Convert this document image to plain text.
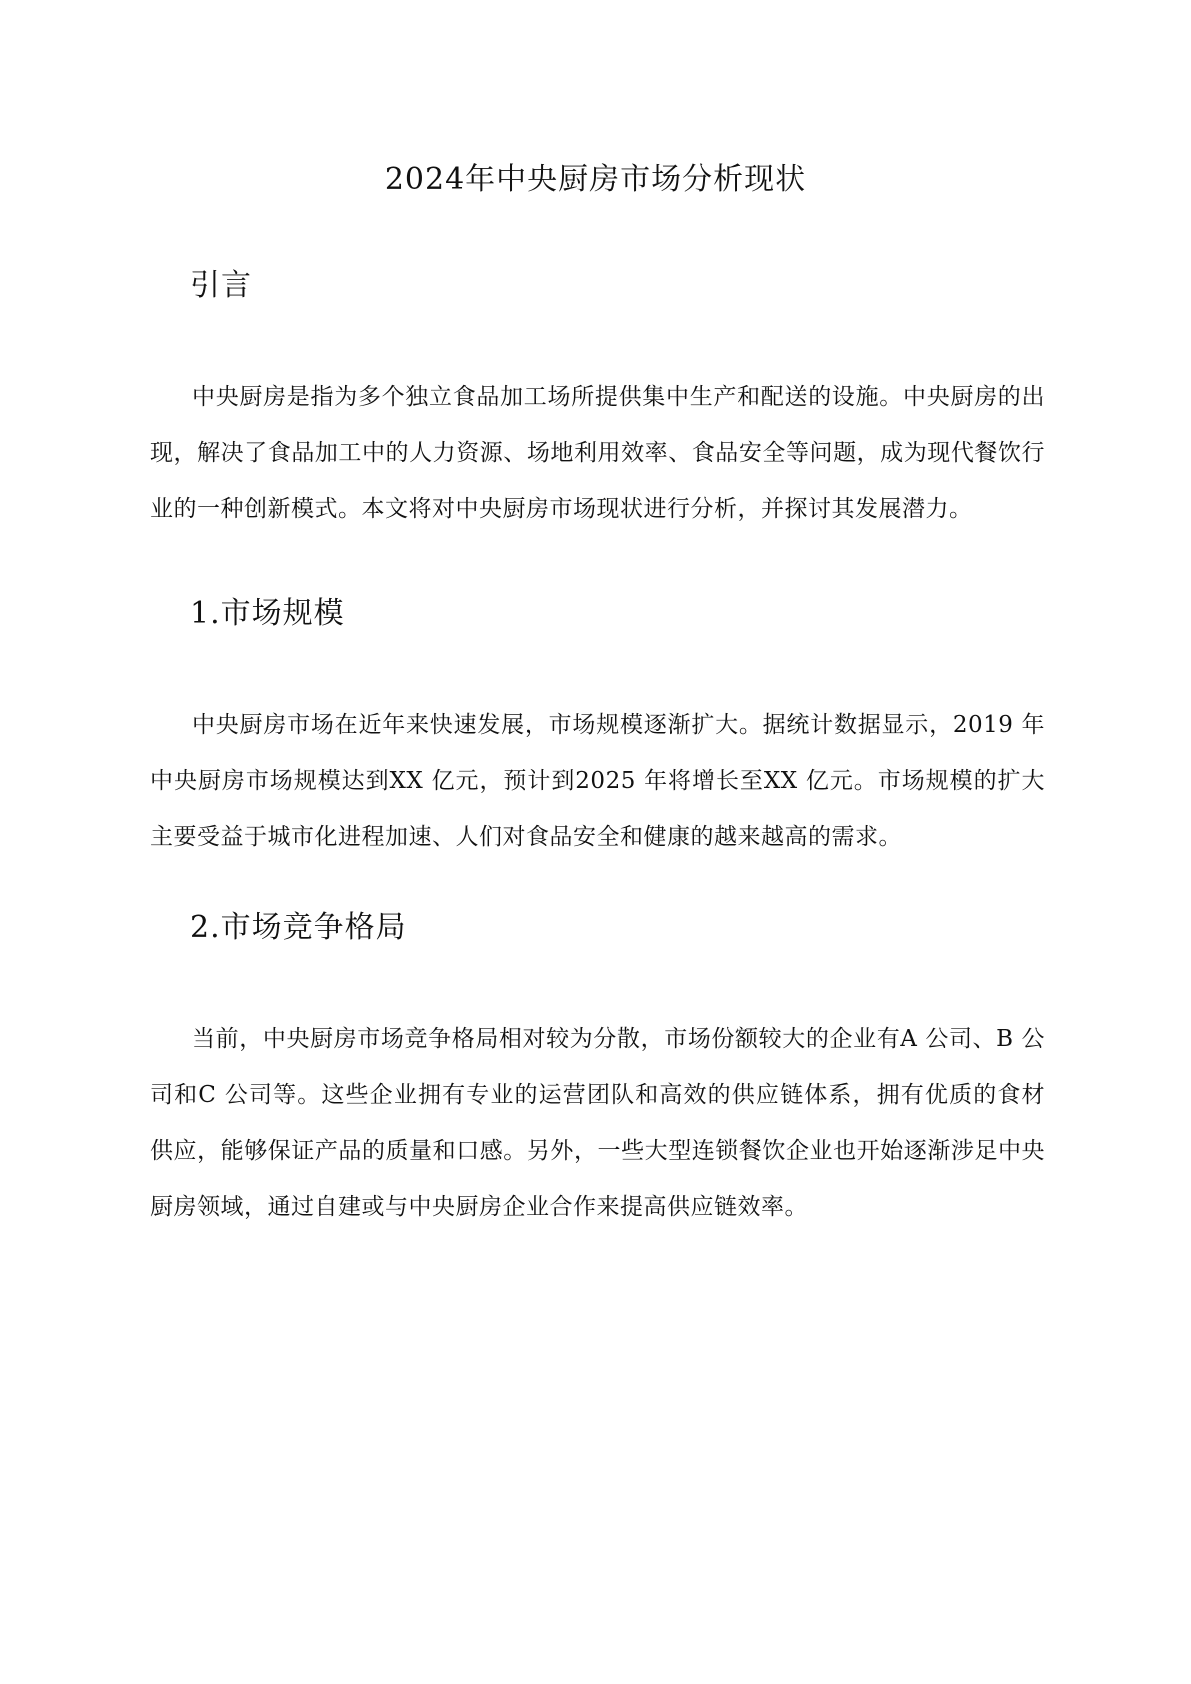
2024年中央厨房市场分析现状
引言

中央厨房是指为多个独立食品加工场所提供集中生产和配送的设施。中央厨房的出现，解决了食品加工中的人力资源、场地利用效率、食品安全等问题，成为现代餐饮行业的一种创新模式。本文将对中央厨房市场现状进行分析，并探讨其发展潜力。

1.市场规模

中央厨房市场在近年来快速发展，市场规模逐渐扩大。据统计数据显示，2019 年中央厨房市场规模达到XX 亿元，预计到2025 年将增长至XX 亿元。市场规模的扩大主要受益于城市化进程加速、人们对食品安全和健康的越来越高的需求。

2.市场竞争格局

当前，中央厨房市场竞争格局相对较为分散，市场份额较大的企业有A 公司、B 公司和C 公司等。这些企业拥有专业的运营团队和高效的供应链体系，拥有优质的食材供应，能够保证产品的质量和口感。另外，一些大型连锁餐饮企业也开始逐渐涉足中央厨房领域，通过自建或与中央厨房企业合作来提高供应链效率。
